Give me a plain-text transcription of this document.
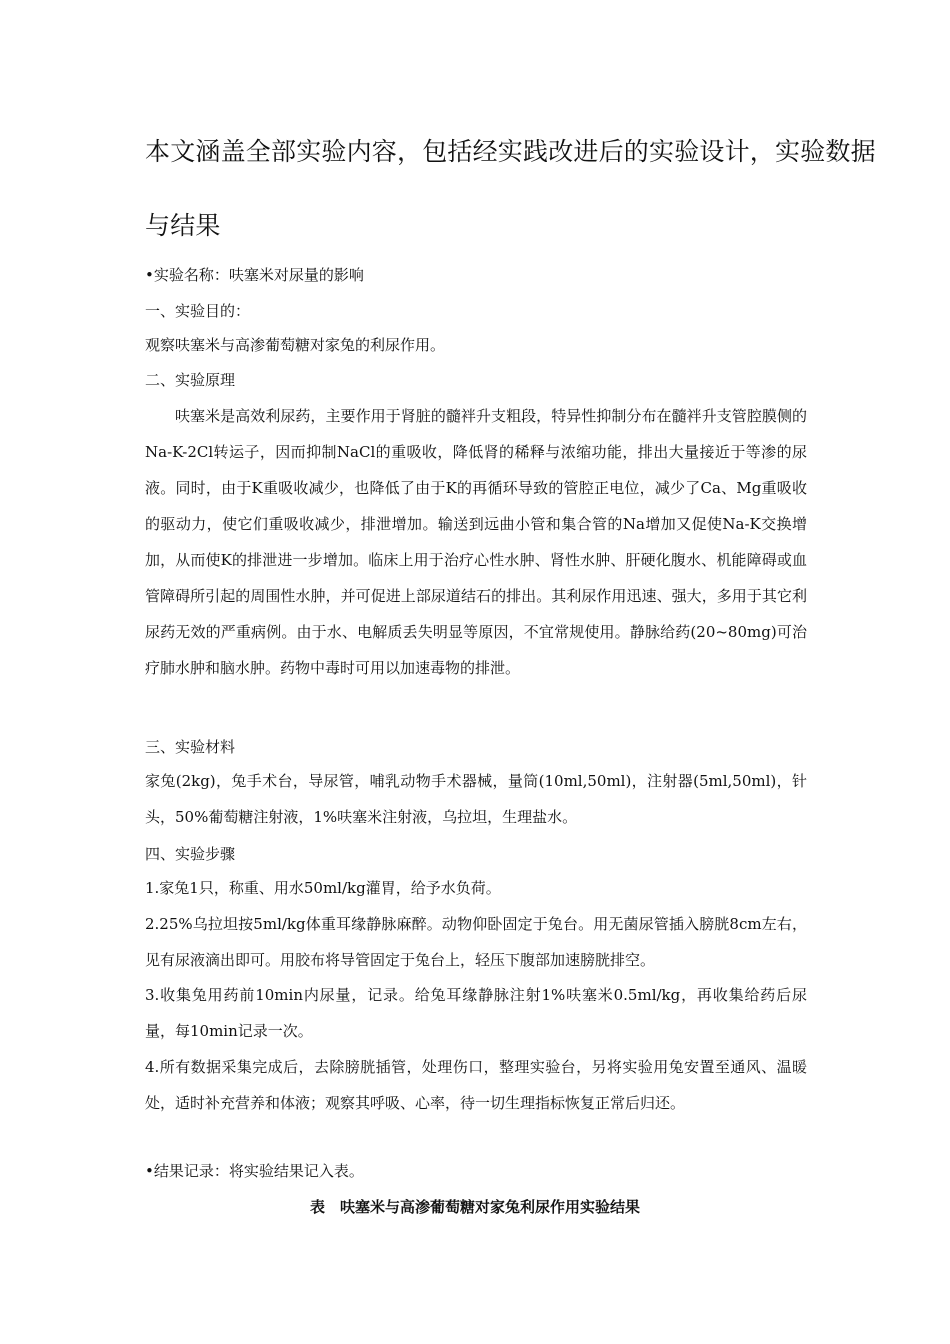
本文涵盖全部实验内容，包括经实践改进后的实验设计，实验数据
与结果
•实验名称：呋塞米对尿量的影响
一、实验目的：
观察呋塞米与高渗葡萄糖对家兔的利尿作用。
二、实验原理

呋塞米是高效利尿药，主要作用于肾脏的髓袢升支粗段，特异性抑制分布在髓袢升支管腔膜侧的Na-K-2Cl转运子，因而抑制NaCl的重吸收，降低肾的稀释与浓缩功能，排出大量接近于等渗的尿液。同时，由于K重吸收减少，也降低了由于K的再循环导致的管腔正电位，减少了Ca、Mg重吸收的驱动力，使它们重吸收减少，排泄增加。输送到远曲小管和集合管的Na增加又促使Na-K交换增加，从而使K的排泄进一步增加。临床上用于治疗心性水肿、肾性水肿、肝硬化腹水、机能障碍或血管障碍所引起的周围性水肿，并可促进上部尿道结石的排出。其利尿作用迅速、强大，多用于其它利尿药无效的严重病例。由于水、电解质丢失明显等原因，不宜常规使用。静脉给药(20~80mg)可治疗肺水肿和脑水肿。药物中毒时可用以加速毒物的排泄。

三、实验材料

家兔(2kg)，兔手术台，导尿管，哺乳动物手术器械，量筒(10ml,50ml)，注射器(5ml,50ml)，针头，50%葡萄糖注射液，1%呋塞米注射液，乌拉坦，生理盐水。

四、实验步骤

1.家兔1只，称重、用水50ml/kg灌胃，给予水负荷。

2.25%乌拉坦按5ml/kg体重耳缘静脉麻醉。动物仰卧固定于兔台。用无菌尿管插入膀胱8cm左右，见有尿液滴出即可。用胶布将导管固定于兔台上，轻压下腹部加速膀胱排空。

3.收集兔用药前10min内尿量，记录。给兔耳缘静脉注射1%呋塞米0.5ml/kg，再收集给药后尿量，每10min记录一次。

4.所有数据采集完成后，去除膀胱插管，处理伤口，整理实验台，另将实验用兔安置至通风、温暖处，适时补充营养和体液；观察其呼吸、心率，待一切生理指标恢复正常后归还。

•结果记录：将实验结果记入表。
表　呋塞米与高渗葡萄糖对家兔利尿作用实验结果
